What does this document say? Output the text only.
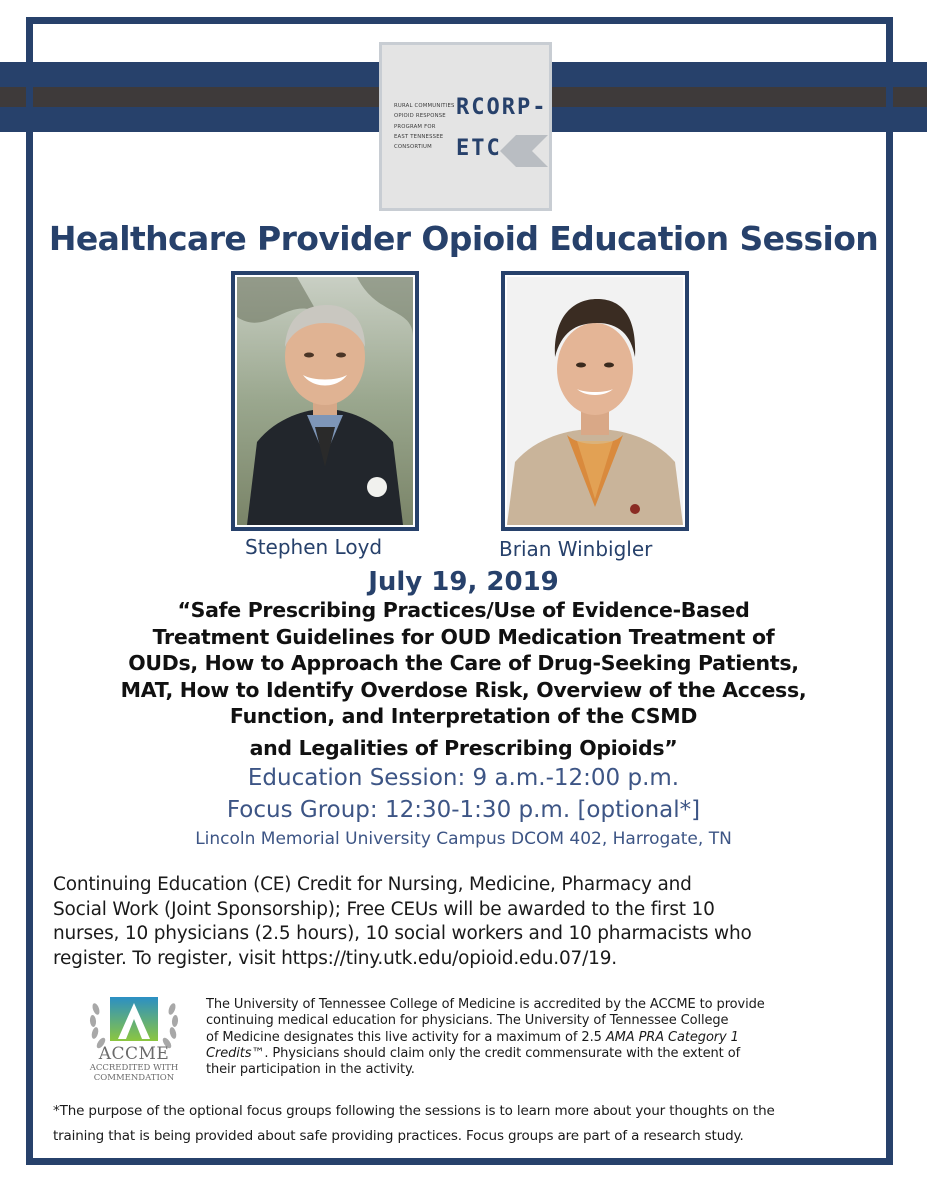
RURAL COMMUNITIES
OPIOID RESPONSE
PROGRAM FOR
EAST TENNESSEE
CONSORTIUM
RCORP-
ETC
Healthcare Provider Opioid Education Session
Stephen Loyd	Brian Winbigler
July 19, 2019
“Safe Prescribing Practices/Use of Evidence-Based
Treatment Guidelines for OUD Medication Treatment of
OUDs, How to Approach the Care of Drug-Seeking Patients,
MAT, How to Identify Overdose Risk, Overview of the Access,
Function, and Interpretation of the CSMD
and Legalities of Prescribing Opioids”
Education Session: 9 a.m.-12:00 p.m.
Focus Group: 12:30-1:30 p.m. [optional*]
Lincoln Memorial University Campus DCOM 402, Harrogate, TN
Continuing Education (CE) Credit for Nursing, Medicine, Pharmacy and
Social Work (Joint Sponsorship); Free CEUs will be awarded to the first 10
nurses, 10 physicians (2.5 hours), 10 social workers and 10 pharmacists who
register. To register, visit https://tiny.utk.edu/opioid.edu.07/19.
ACCME
ACCREDITED WITH
COMMENDATION
The University of Tennessee College of Medicine is accredited by the ACCME to provide
continuing medical education for physicians. The University of Tennessee College
of Medicine designates this live activity for a maximum of 2.5 AMA PRA Category 1
Credits™. Physicians should claim only the credit commensurate with the extent of
their participation in the activity.
*The purpose of the optional focus groups following the sessions is to learn more about your thoughts on the
training that is being provided about safe providing practices. Focus groups are part of a research study.
